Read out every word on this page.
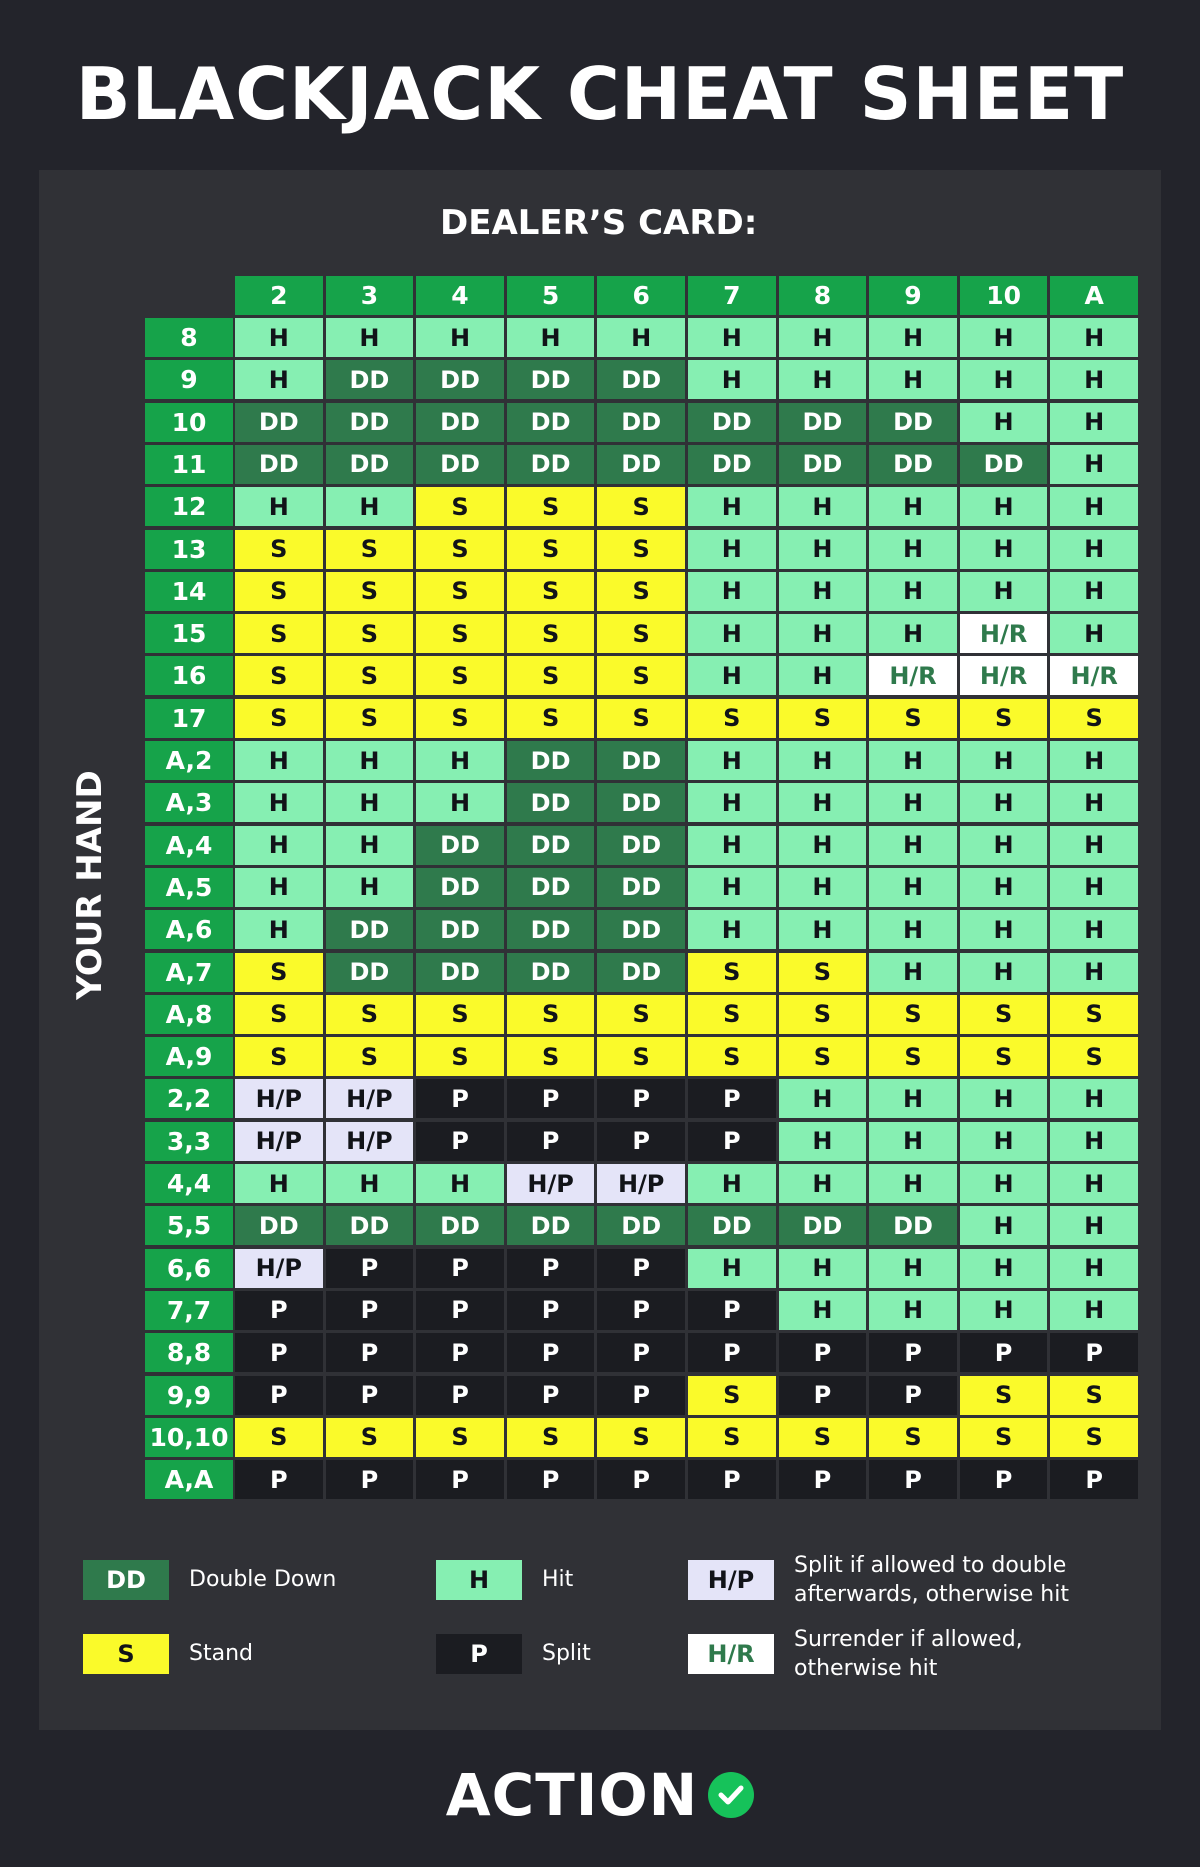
BLACKJACK CHEAT SHEET
DEALER’S CARD:
YOUR HAND
2	3	4	5	6	7	8	9	10	A
8	H	H	H	H	H	H	H	H	H	H
9	H	DD	DD	DD	DD	H	H	H	H	H
10	DD	DD	DD	DD	DD	DD	DD	DD	H	H
11	DD	DD	DD	DD	DD	DD	DD	DD	DD	H
12	H	H	S	S	S	H	H	H	H	H
13	S	S	S	S	S	H	H	H	H	H
14	S	S	S	S	S	H	H	H	H	H
15	S	S	S	S	S	H	H	H	H/R	H
16	S	S	S	S	S	H	H	H/R	H/R	H/R
17	S	S	S	S	S	S	S	S	S	S
A,2	H	H	H	DD	DD	H	H	H	H	H
A,3	H	H	H	DD	DD	H	H	H	H	H
A,4	H	H	DD	DD	DD	H	H	H	H	H
A,5	H	H	DD	DD	DD	H	H	H	H	H
A,6	H	DD	DD	DD	DD	H	H	H	H	H
A,7	S	DD	DD	DD	DD	S	S	H	H	H
A,8	S	S	S	S	S	S	S	S	S	S
A,9	S	S	S	S	S	S	S	S	S	S
2,2	H/P	H/P	P	P	P	P	H	H	H	H
3,3	H/P	H/P	P	P	P	P	H	H	H	H
4,4	H	H	H	H/P	H/P	H	H	H	H	H
5,5	DD	DD	DD	DD	DD	DD	DD	DD	H	H
6,6	H/P	P	P	P	P	H	H	H	H	H
7,7	P	P	P	P	P	P	H	H	H	H
8,8	P	P	P	P	P	P	P	P	P	P
9,9	P	P	P	P	P	S	P	P	S	S
10,10	S	S	S	S	S	S	S	S	S	S
A,A	P	P	P	P	P	P	P	P	P	P
DD	Double Down	H	Hit	H/P
Split if allowed to double afterwards, otherwise hit
S	Stand	P	Split	H/R
Surrender if allowed, otherwise hit
ACTION
